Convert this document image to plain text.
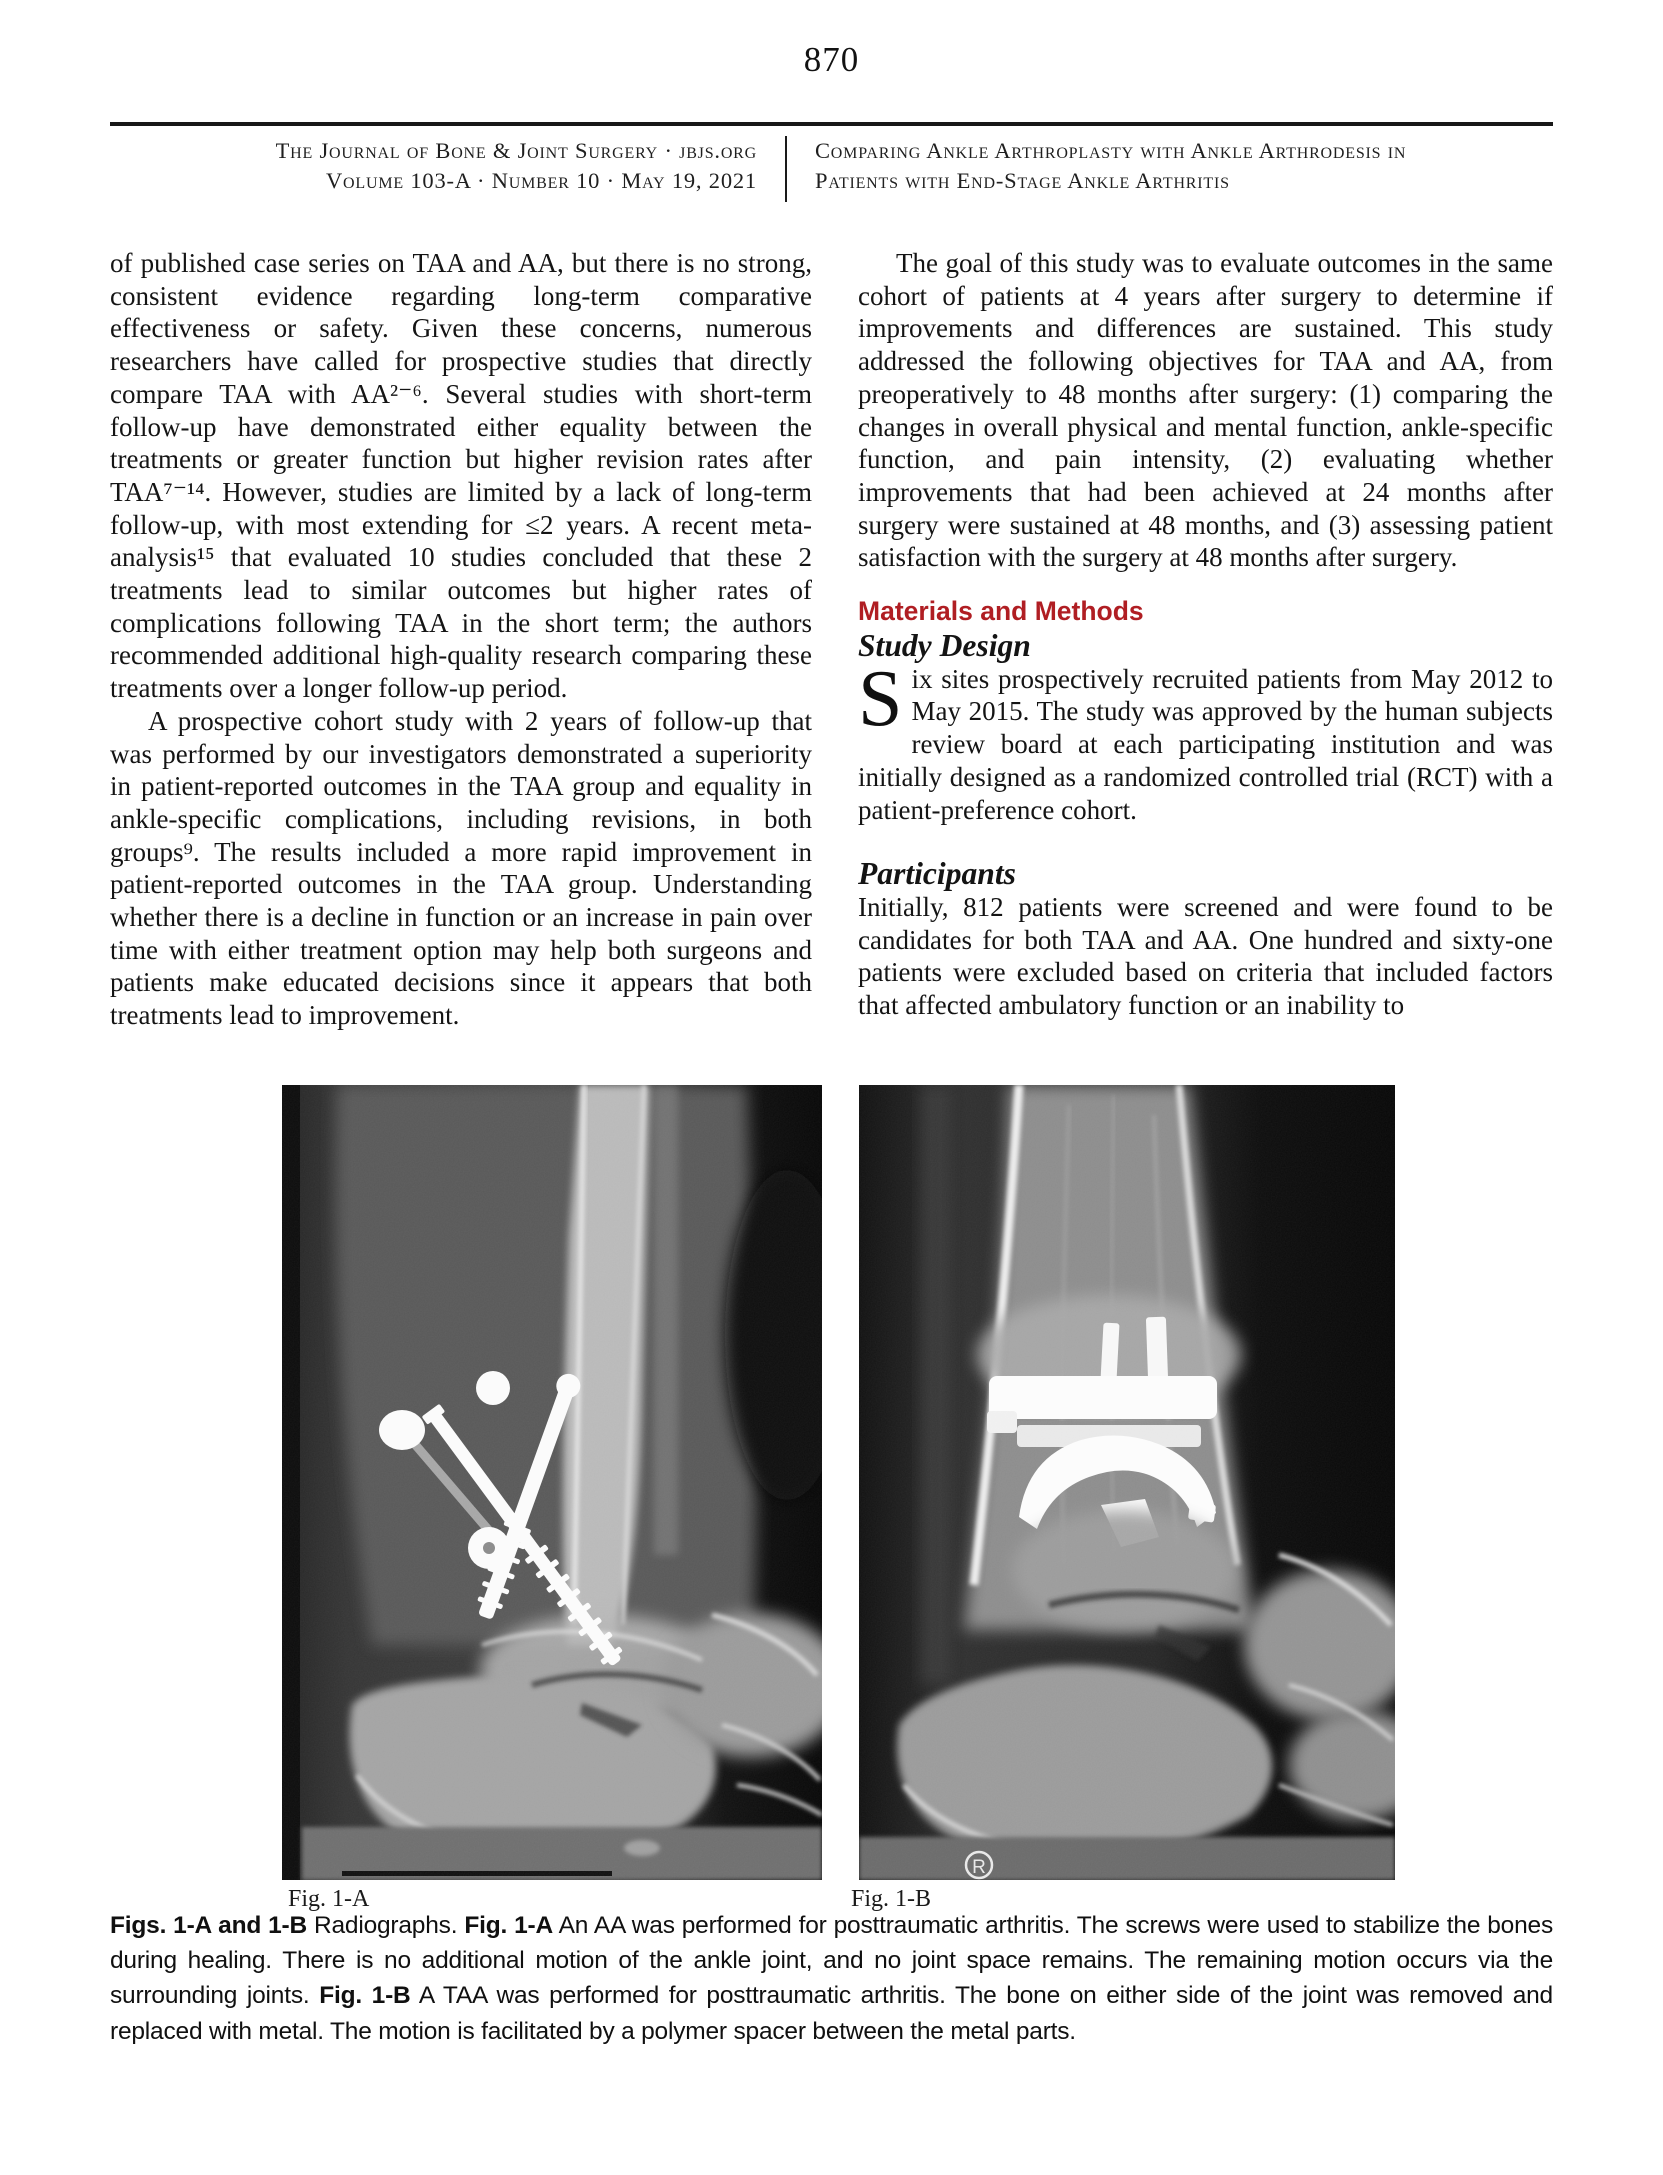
870
The Journal of Bone & Joint Surgery · jbjs.org
Volume 103-A · Number 10 · May 19, 2021
Comparing Ankle Arthroplasty with Ankle Arthrodesis in
Patients with End-Stage Ankle Arthritis

of published case series on TAA and AA, but there is no strong, consistent evidence regarding long-term comparative effectiveness or safety. Given these concerns, numerous researchers have called for prospective studies that directly compare TAA with AA²⁻⁶. Several studies with short-term follow-up have demonstrated either equality between the treatments or greater function but higher revision rates after TAA⁷⁻¹⁴. However, studies are limited by a lack of long-term follow-up, with most extending for ≤2 years. A recent meta-analysis¹⁵ that evaluated 10 studies concluded that these 2 treatments lead to similar outcomes but higher rates of complications following TAA in the short term; the authors recommended additional high-quality research comparing these treatments over a longer follow-up period.

A prospective cohort study with 2 years of follow-up that was performed by our investigators demonstrated a superiority in patient-reported outcomes in the TAA group and equality in ankle-specific complications, including revisions, in both groups⁹. The results included a more rapid improvement in patient-reported outcomes in the TAA group. Understanding whether there is a decline in function or an increase in pain over time with either treatment option may help both surgeons and patients make educated decisions since it appears that both treatments lead to improvement.

The goal of this study was to evaluate outcomes in the same cohort of patients at 4 years after surgery to determine if improvements and differences are sustained. This study addressed the following objectives for TAA and AA, from preoperatively to 48 months after surgery: (1) comparing the changes in overall physical and mental function, ankle-specific function, and pain intensity, (2) evaluating whether improvements that had been achieved at 24 months after surgery were sustained at 48 months, and (3) assessing patient satisfaction with the surgery at 48 months after surgery.

Materials and Methods
Study Design

Six sites prospectively recruited patients from May 2012 to May 2015. The study was approved by the human subjects review board at each participating institution and was initially designed as a randomized controlled trial (RCT) with a patient-preference cohort.

Participants

Initially, 812 patients were screened and were found to be candidates for both TAA and AA. One hundred and sixty-one patients were excluded based on criteria that included factors that affected ambulatory function or an inability to

Fig. 1-A	Fig. 1-B
Figs. 1-A and 1-B Radiographs. Fig. 1-A An AA was performed for posttraumatic arthritis. The screws were used to stabilize the bones during healing. There is no additional motion of the ankle joint, and no joint space remains. The remaining motion occurs via the surrounding joints. Fig. 1-B A TAA was performed for posttraumatic arthritis. The bone on either side of the joint was removed and replaced with metal. The motion is facilitated by a polymer spacer between the metal parts.
